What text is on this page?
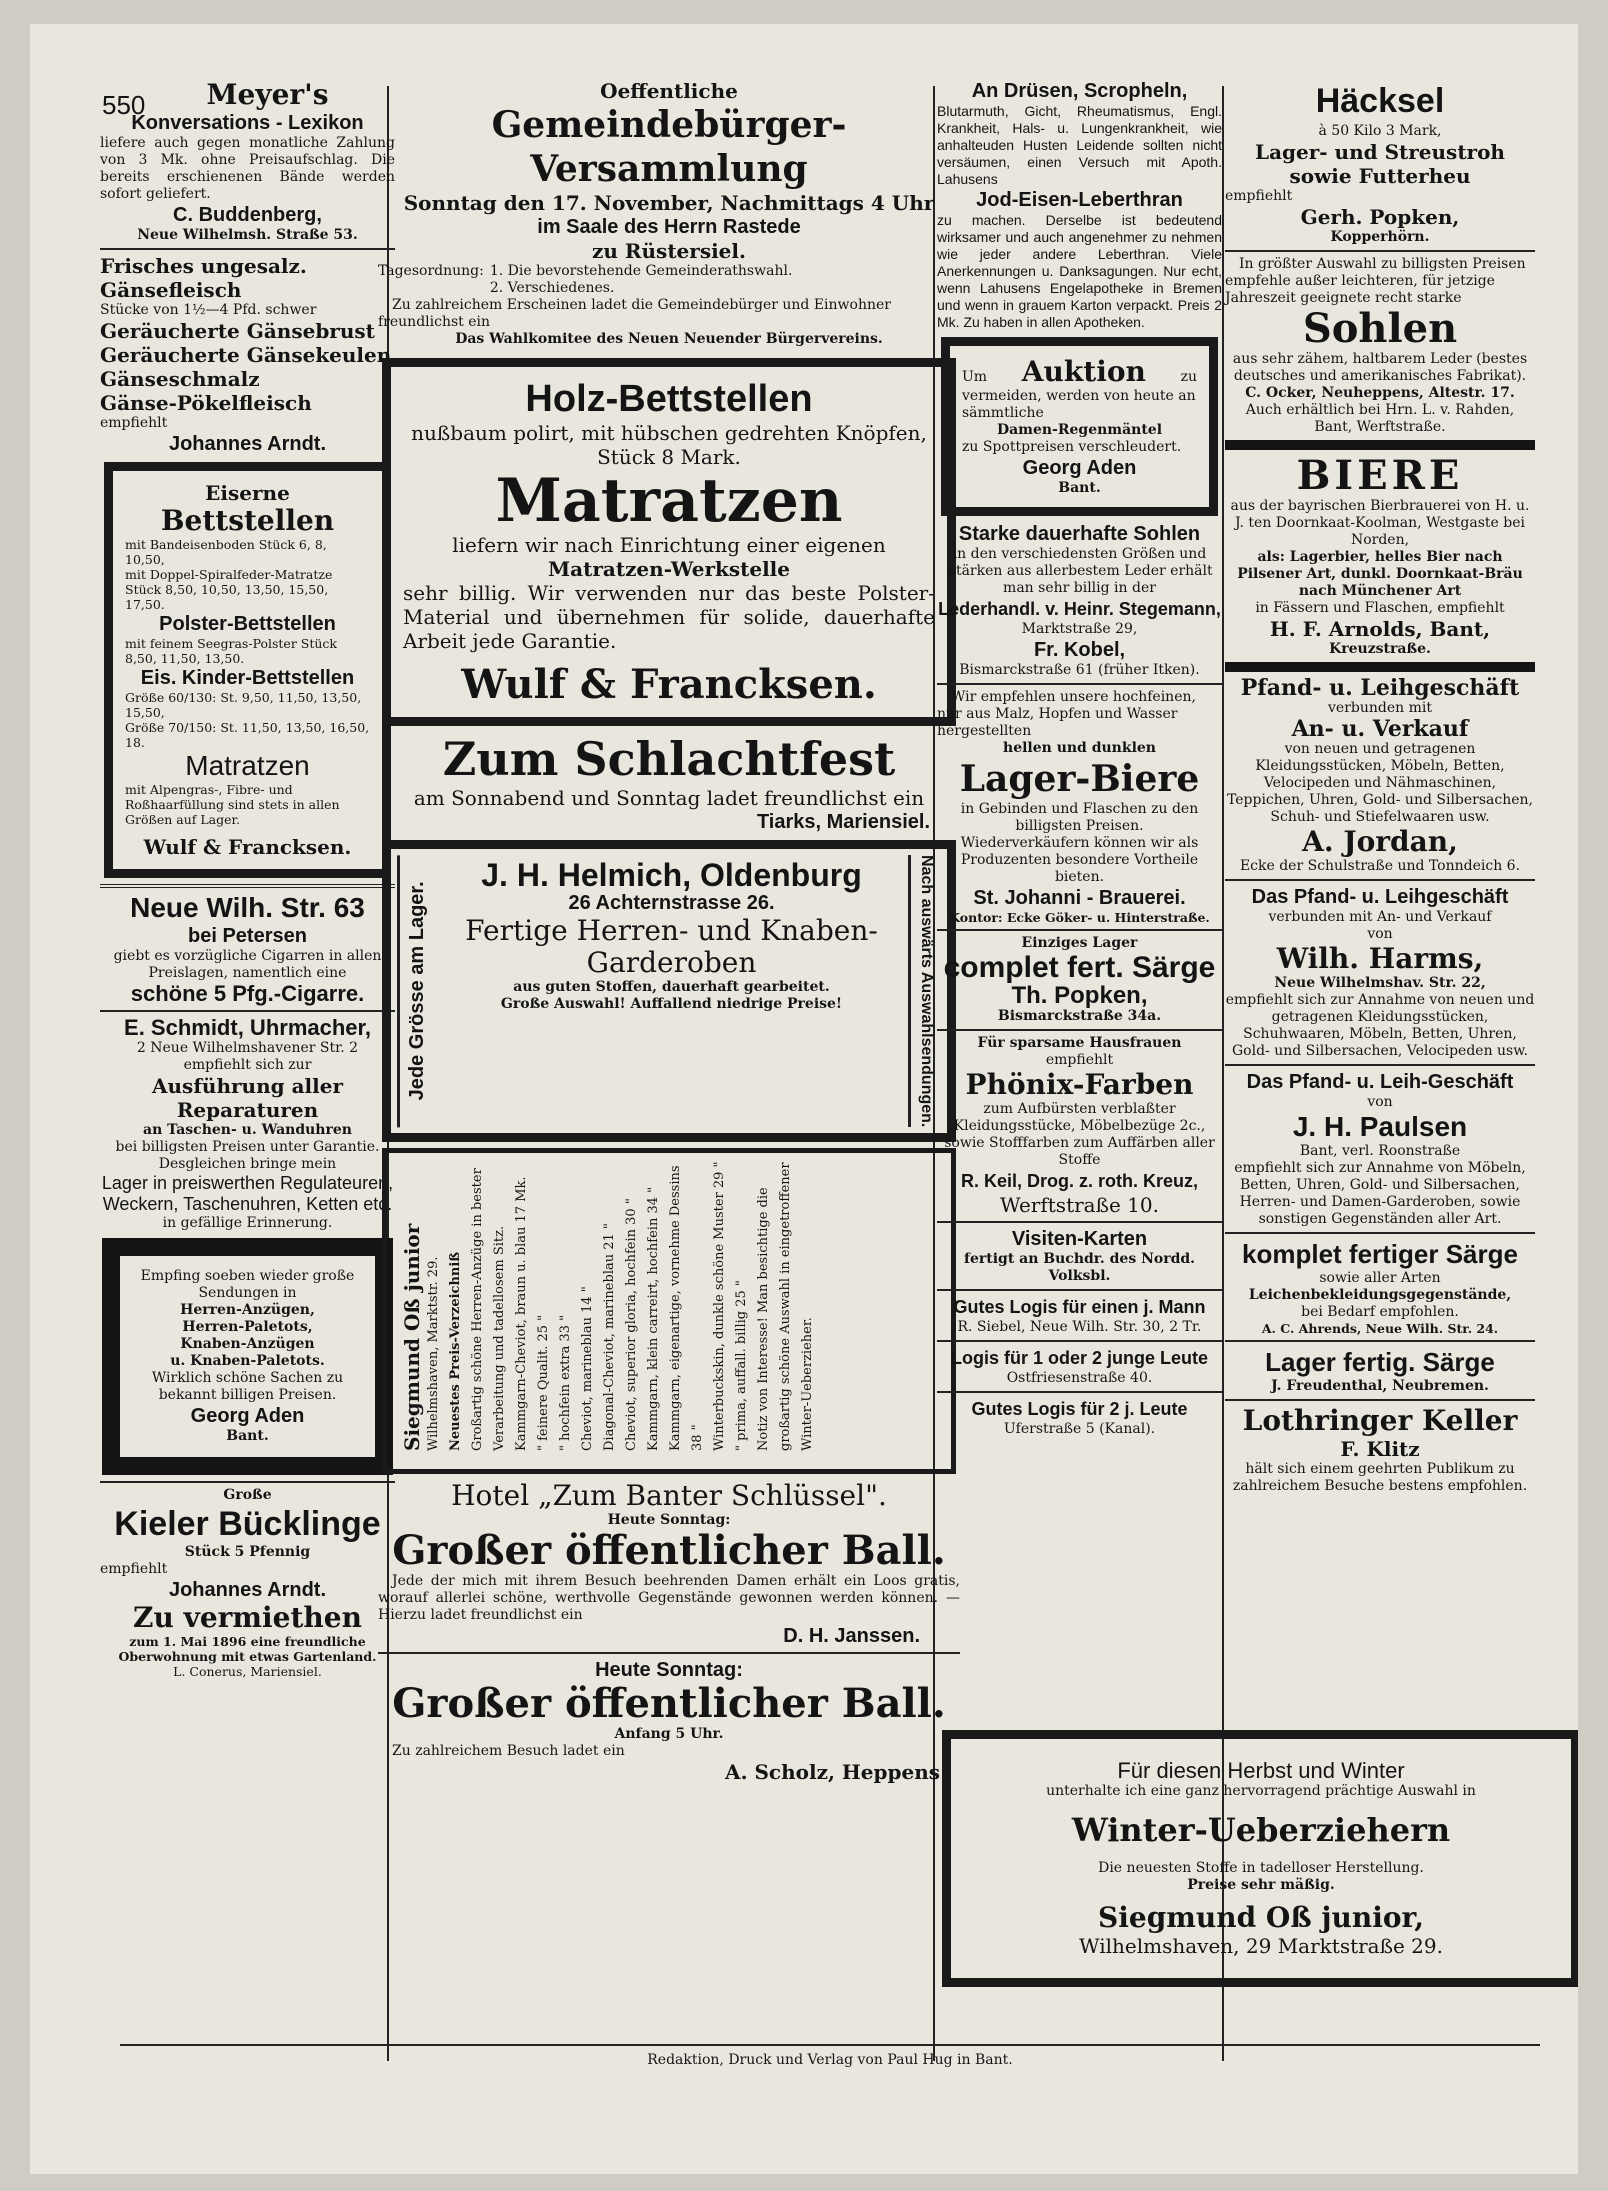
550	Meyer's
Konversations - Lexikon
liefere auch gegen monatliche Zahlung von 3 Mk. ohne Preisaufschlag. Die bereits erschienenen Bände werden sofort geliefert.
C. Buddenberg,
Neue Wilhelmsh. Straße 53.
Frisches ungesalz. Gänsefleisch
Stücke von 1½—4 Pfd. schwer
Geräucherte Gänsebrust
Geräucherte Gänsekeulen
Gänseschmalz
Gänse-Pökelfleisch
empfiehlt
Johannes Arndt.
Eiserne
Bettstellen
mit Bandeisenboden Stück 6, 8, 10,50,
mit Doppel-Spiralfeder-Matratze Stück 8,50, 10,50, 13,50, 15,50, 17,50.
Polster-Bettstellen
mit feinem Seegras-Polster Stück 8,50, 11,50, 13,50.
Eis. Kinder-Bettstellen
Größe 60/130: St. 9,50, 11,50, 13,50, 15,50,
Größe 70/150: St. 11,50, 13,50, 16,50, 18.
Matratzen
mit Alpengras-, Fibre- und Roßhaarfüllung sind stets in allen Größen auf Lager.
Wulf & Francksen.
Neue Wilh. Str. 63
bei Petersen
giebt es vorzügliche Cigarren in allen Preislagen, namentlich eine
schöne 5 Pfg.-Cigarre.
E. Schmidt, Uhrmacher,
2 Neue Wilhelmshavener Str. 2
empfiehlt sich zur
Ausführung aller Reparaturen
an Taschen- u. Wanduhren
bei billigsten Preisen unter Garantie.
Desgleichen bringe mein
Lager in preiswerthen Regulateuren, Weckern, Taschenuhren, Ketten etc.
in gefällige Erinnerung.
Empfing soeben wieder große Sendungen in
Herren-Anzügen,
Herren-Paletots,
Knaben-Anzügen
u. Knaben-Paletots.
Wirklich schöne Sachen zu bekannt billigen Preisen.
Georg Aden
Bant.
Große
Kieler Bücklinge
Stück 5 Pfennig
empfiehlt
Johannes Arndt.
Zu vermiethen
zum 1. Mai 1896 eine freundliche Oberwohnung mit etwas Gartenland.
L. Conerus, Mariensiel.
Oeffentliche
Gemeindebürger-Versammlung
Sonntag den 17. November, Nachmittags 4 Uhr
im Saale des Herrn Rastede
zu Rüstersiel.
Tagesordnung: 1. Die bevorstehende Gemeinderathswahl.
2. Verschiedenes.
Zu zahlreichem Erscheinen ladet die Gemeindebürger und Einwohner freundlichst ein
Das Wahlkomitee des Neuen Neuender Bürgervereins.
Holz-Bettstellen
nußbaum polirt, mit hübschen gedrehten Knöpfen, Stück 8 Mark.
Matratzen
liefern wir nach Einrichtung einer eigenen
Matratzen-Werkstelle
sehr billig. Wir verwenden nur das beste Polster-Material und übernehmen für solide, dauerhafte Arbeit jede Garantie.
Wulf & Francksen.
Zum Schlachtfest
am Sonnabend und Sonntag ladet freundlichst ein
Tiarks, Mariensiel.
Jede Grösse am Lager.
J. H. Helmich, Oldenburg
26 Achternstrasse 26.
Fertige Herren- und Knaben-Garderoben
aus guten Stoffen, dauerhaft gearbeitet.
Große Auswahl! Auffallend niedrige Preise!	Nach auswärts Auswahlsendungen.
Siegmund Oß junior Wilhelmshaven, Marktstr. 29. Neuestes Preis-Verzeichniß Großartig schöne Herren-Anzüge in bester Verarbeitung und tadellosem Sitz. Kammgarn-Cheviot, braun u. blau 17 Mk. " feinere Qualit. 25 " " hochfein extra 33 " Cheviot, marineblau 14 " Diagonal-Cheviot, marineblau 21 " Cheviot, superior gloria, hochfein 30 " Kammgarn, klein carreirt, hochfein 34 " Kammgarn, eigenartige, vornehme Dessins 38 " Winterbuckskin, dunkle schöne Muster 29 " " prima, auffall. billig 25 " Notiz von Interesse! Man besichtige die großartig schöne Auswahl in eingetroffener Winter-Ueberzieher.
Hotel „Zum Banter Schlüssel".
Heute Sonntag:
Großer öffentlicher Ball.
Jede der mich mit ihrem Besuch beehrenden Damen erhält ein Loos gratis, worauf allerlei schöne, werthvolle Gegenstände gewonnen werden können. — Hierzu ladet freundlichst ein
D. H. Janssen.
Heute Sonntag:
Großer öffentlicher Ball.
Anfang 5 Uhr.
Zu zahlreichem Besuch ladet ein
A. Scholz, Heppens
An Drüsen, Scropheln,
Blutarmuth, Gicht, Rheumatismus, Engl. Krankheit, Hals- u. Lungenkrankheit, wie anhalteuden Husten Leidende sollten nicht versäumen, einen Versuch mit Apoth. Lahusens
Jod-Eisen-Leberthran
zu machen. Derselbe ist bedeutend wirksamer und auch angenehmer zu nehmen wie jeder andere Leberthran. Viele Anerkennungen u. Danksagungen. Nur echt, wenn Lahusens Engelapotheke in Bremen und wenn in grauem Karton verpackt. Preis 2 Mk. Zu haben in allen Apotheken.
Um Auktion zu
vermeiden, werden von heute an sämmtliche
Damen-Regenmäntel
zu Spottpreisen verschleudert.
Georg Aden
Bant.
Starke dauerhafte Sohlen
in den verschiedensten Größen und Stärken aus allerbestem Leder erhält man sehr billig in der
Lederhandl. v. Heinr. Stegemann,
Marktstraße 29,
Fr. Kobel,
Bismarckstraße 61 (früher Itken).
Wir empfehlen unsere hochfeinen, nur aus Malz, Hopfen und Wasser hergestellten
hellen und dunklen
Lager-Biere
in Gebinden und Flaschen zu den billigsten Preisen.
Wiederverkäufern können wir als Produzenten besondere Vortheile bieten.
St. Johanni - Brauerei.
Kontor: Ecke Göker- u. Hinterstraße.
Einziges Lager
complet fert. Särge
Th. Popken,
Bismarckstraße 34a.
Für sparsame Hausfrauen
empfiehlt
Phönix-Farben
zum Aufbürsten verblaßter Kleidungsstücke, Möbelbezüge 2c., sowie Stofffarben zum Auffärben aller Stoffe
R. Keil, Drog. z. roth. Kreuz,
Werftstraße 10.
Visiten-Karten
fertigt an Buchdr. des Nordd. Volksbl.
Gutes Logis für einen j. Mann
R. Siebel, Neue Wilh. Str. 30, 2 Tr.
Logis für 1 oder 2 junge Leute
Ostfriesenstraße 40.
Gutes Logis für 2 j. Leute
Uferstraße 5 (Kanal).
Für diesen Herbst und Winter
unterhalte ich eine ganz hervorragend prächtige Auswahl in
Winter-Ueberziehern
Die neuesten Stoffe in tadelloser Herstellung.
Preise sehr mäßig.
Siegmund Oß junior,
Wilhelmshaven, 29 Marktstraße 29.
Häcksel
à 50 Kilo 3 Mark,
Lager- und Streustroh
sowie Futterheu
empfiehlt
Gerh. Popken,
Kopperhörn.
In größter Auswahl zu billigsten Preisen empfehle außer leichteren, für jetzige Jahreszeit geeignete recht starke
Sohlen
aus sehr zähem, haltbarem Leder (bestes deutsches und amerikanisches Fabrikat).
C. Ocker, Neuheppens, Altestr. 17.
Auch erhältlich bei Hrn. L. v. Rahden, Bant, Werftstraße.
BIERE
aus der bayrischen Bierbrauerei von H. u. J. ten Doornkaat-Koolman, Westgaste bei Norden,
als: Lagerbier, helles Bier nach Pilsener Art, dunkl. Doornkaat-Bräu nach Münchener Art
in Fässern und Flaschen, empfiehlt
H. F. Arnolds, Bant,
Kreuzstraße.
Pfand- u. Leihgeschäft
verbunden mit
An- u. Verkauf
von neuen und getragenen Kleidungsstücken, Möbeln, Betten, Velocipeden und Nähmaschinen, Teppichen, Uhren, Gold- und Silbersachen, Schuh- und Stiefelwaaren usw.
A. Jordan,
Ecke der Schulstraße und Tonndeich 6.
Das Pfand- u. Leihgeschäft
verbunden mit An- und Verkauf
von
Wilh. Harms,
Neue Wilhelmshav. Str. 22,
empfiehlt sich zur Annahme von neuen und getragenen Kleidungsstücken, Schuhwaaren, Möbeln, Betten, Uhren, Gold- und Silbersachen, Velocipeden usw.
Das Pfand- u. Leih-Geschäft
von
J. H. Paulsen
Bant, verl. Roonstraße
empfiehlt sich zur Annahme von Möbeln, Betten, Uhren, Gold- und Silbersachen, Herren- und Damen-Garderoben, sowie sonstigen Gegenständen aller Art.
komplet fertiger Särge
sowie aller Arten
Leichenbekleidungsgegenstände,
bei Bedarf empfohlen.
A. C. Ahrends, Neue Wilh. Str. 24.
Lager fertig. Särge
J. Freudenthal, Neubremen.
Lothringer Keller
F. Klitz
hält sich einem geehrten Publikum zu zahlreichem Besuche bestens empfohlen.
Redaktion, Druck und Verlag von Paul Hug in Bant.
